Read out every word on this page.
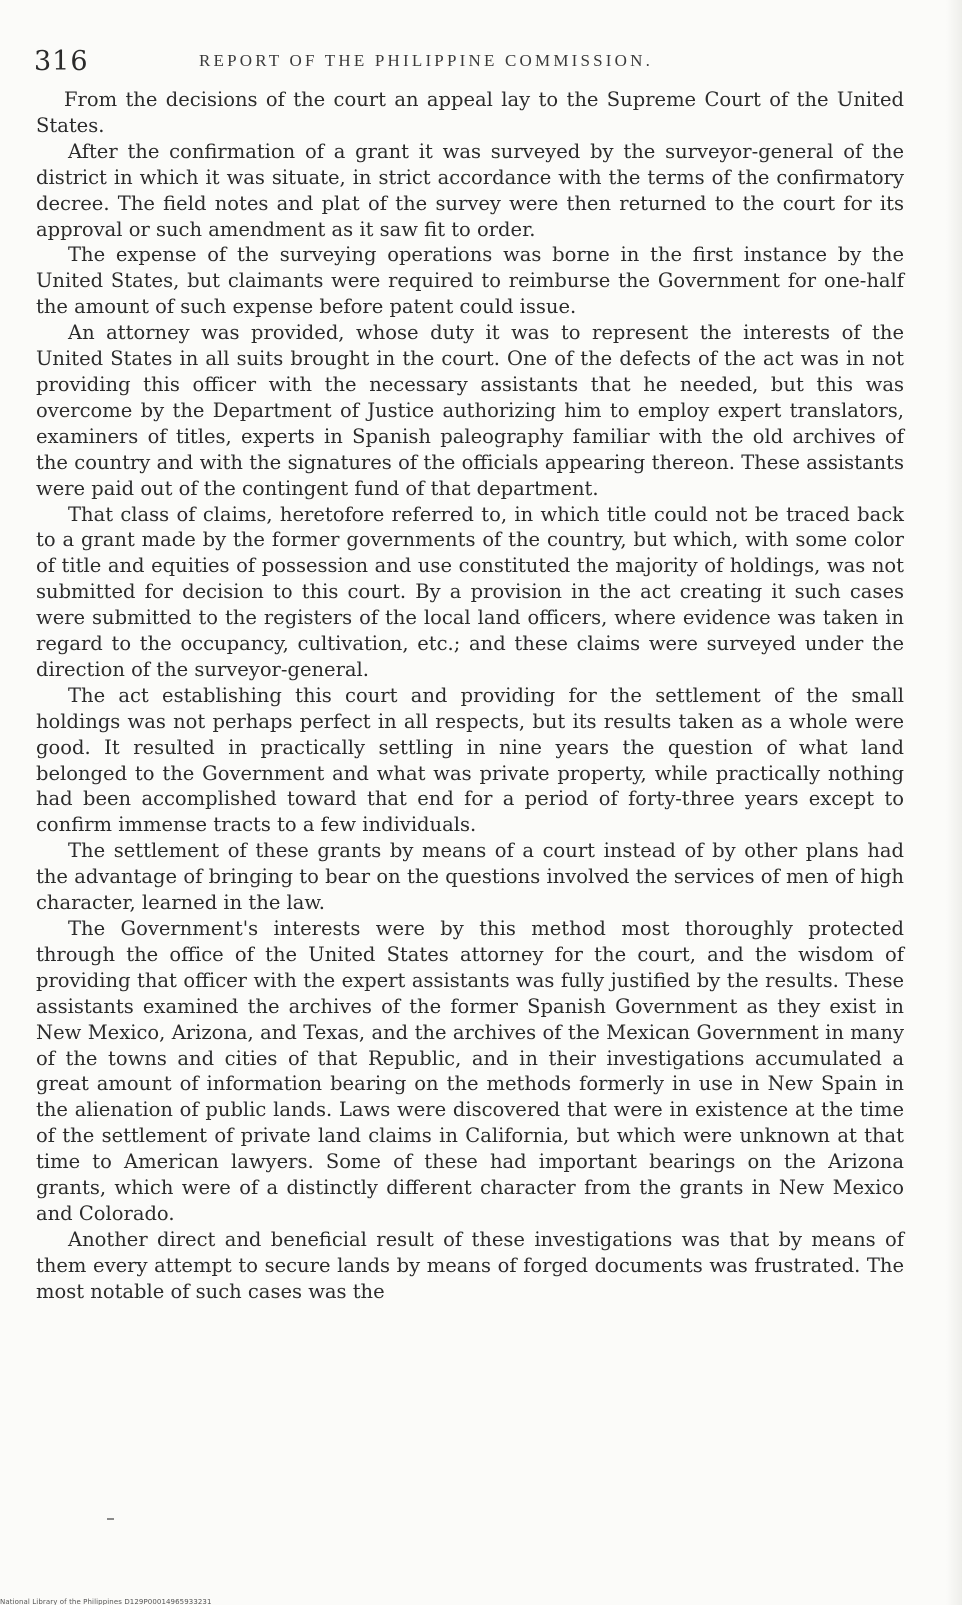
316	REPORT OF THE PHILIPPINE COMMISSION.

From the decisions of the court an appeal lay to the Supreme Court of the United States.

After the confirmation of a grant it was surveyed by the surveyor-general of the district in which it was situate, in strict accordance with the terms of the confirmatory decree. The field notes and plat of the survey were then returned to the court for its approval or such amendment as it saw fit to order.

The expense of the surveying operations was borne in the first instance by the United States, but claimants were required to reimburse the Government for one-half the amount of such expense before patent could issue.

An attorney was provided, whose duty it was to represent the interests of the United States in all suits brought in the court. One of the defects of the act was in not providing this officer with the necessary assistants that he needed, but this was overcome by the Department of Justice authorizing him to employ expert translators, examiners of titles, experts in Spanish paleography familiar with the old archives of the country and with the signatures of the officials appearing thereon. These assistants were paid out of the contingent fund of that department.

That class of claims, heretofore referred to, in which title could not be traced back to a grant made by the former governments of the country, but which, with some color of title and equities of possession and use constituted the majority of holdings, was not submitted for decision to this court. By a provision in the act creating it such cases were submitted to the registers of the local land officers, where evidence was taken in regard to the occupancy, cultivation, etc.; and these claims were surveyed under the direction of the surveyor-general.

The act establishing this court and providing for the settlement of the small holdings was not perhaps perfect in all respects, but its results taken as a whole were good. It resulted in practically settling in nine years the question of what land belonged to the Government and what was private property, while practically nothing had been accomplished toward that end for a period of forty-three years except to confirm immense tracts to a few individuals.

The settlement of these grants by means of a court instead of by other plans had the advantage of bringing to bear on the questions involved the services of men of high character, learned in the law.

The Government's interests were by this method most thoroughly protected through the office of the United States attorney for the court, and the wisdom of providing that officer with the expert assistants was fully justified by the results. These assistants examined the archives of the former Spanish Government as they exist in New Mexico, Arizona, and Texas, and the archives of the Mexican Government in many of the towns and cities of that Republic, and in their investigations accumulated a great amount of information bearing on the methods formerly in use in New Spain in the alienation of public lands. Laws were discovered that were in existence at the time of the settlement of private land claims in California, but which were unknown at that time to American lawyers. Some of these had important bearings on the Arizona grants, which were of a distinctly different character from the grants in New Mexico and Colorado.

Another direct and beneficial result of these investigations was that by means of them every attempt to secure lands by means of forged documents was frustrated. The most notable of such cases was the

National Library of the Philippines D129P00014965933231
